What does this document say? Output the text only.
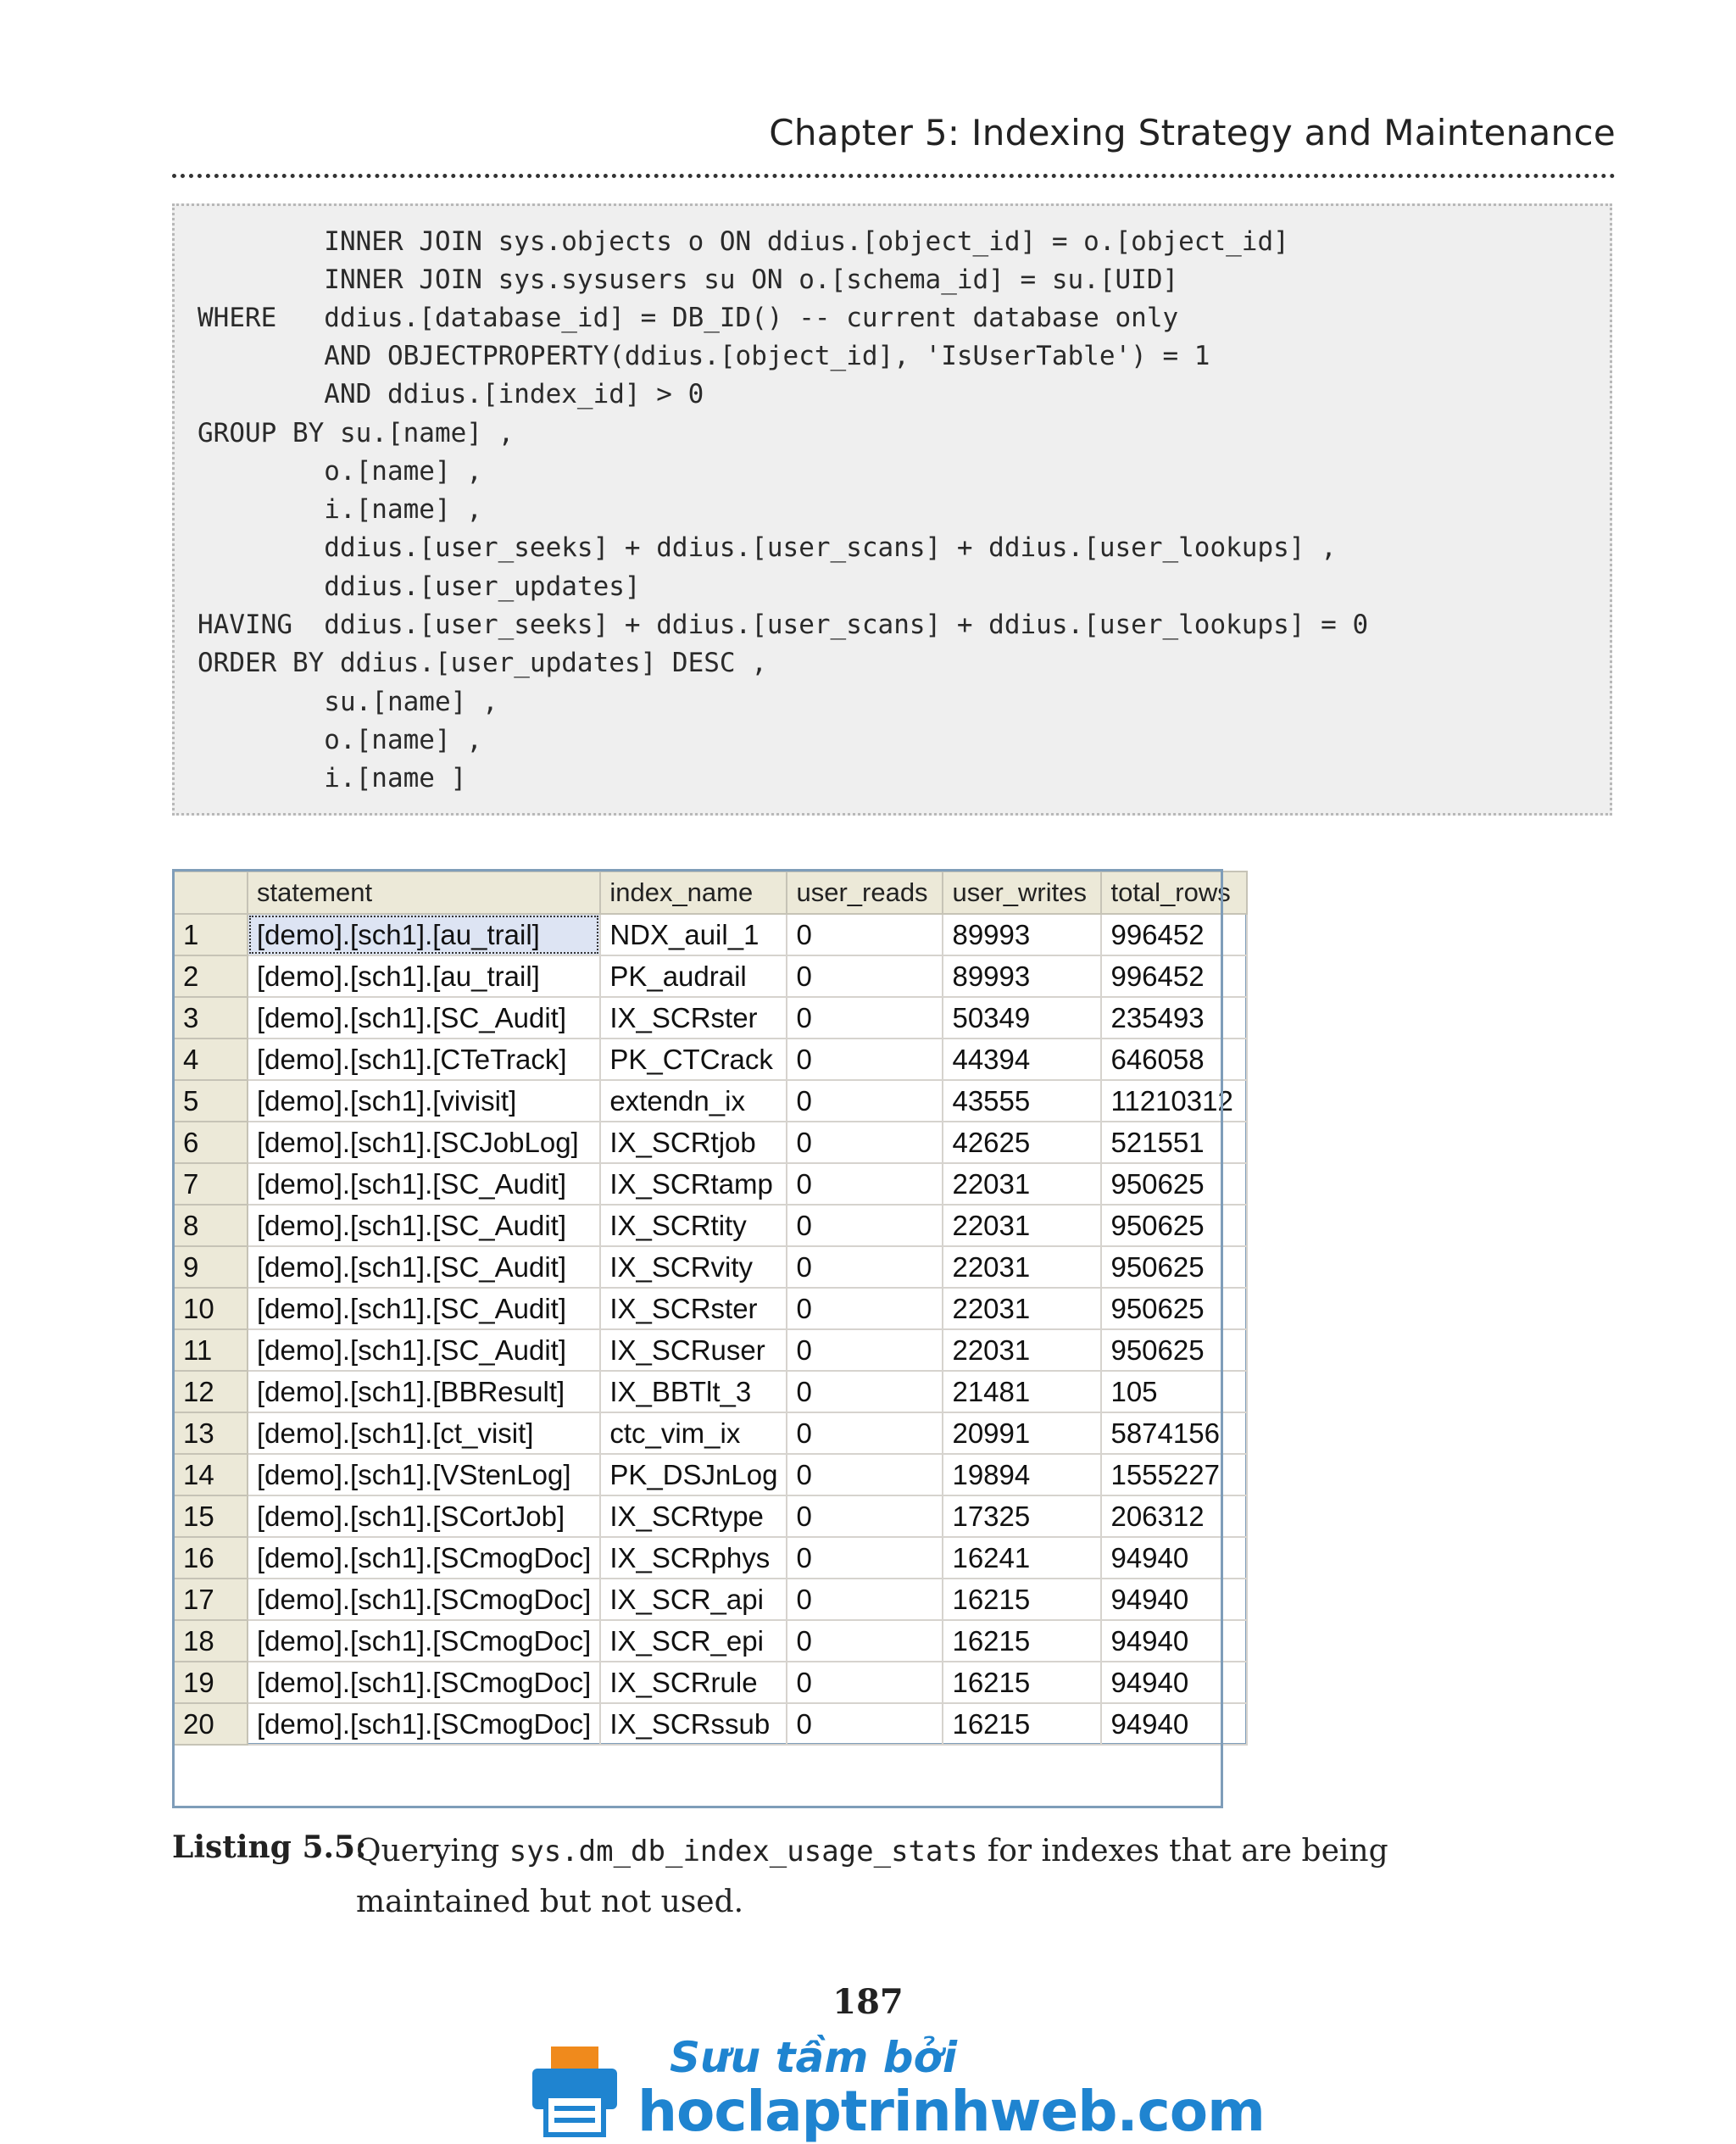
Chapter 5: Indexing Strategy and Maintenance
INNER JOIN sys.objects o ON ddius.[object_id] = o.[object_id]
INNER JOIN sys.sysusers su ON o.[schema_id] = su.[UID]
WHERE   ddius.[database_id] = DB_ID() -- current database only
AND OBJECTPROPERTY(ddius.[object_id], 'IsUserTable') = 1
AND ddius.[index_id] > 0
GROUP BY su.[name] ,
o.[name] ,
i.[name] ,
ddius.[user_seeks] + ddius.[user_scans] + ddius.[user_lookups] ,
ddius.[user_updates]
HAVING  ddius.[user_seeks] + ddius.[user_scans] + ddius.[user_lookups] = 0
ORDER BY ddius.[user_updates] DESC ,
su.[name] ,
o.[name] ,
i.[name ]
	statement	index_name	user_reads	user_writes	total_rows
1	[demo].[sch1].[au_trail]	NDX_auil_1	0	89993	996452
2	[demo].[sch1].[au_trail]	PK_audrail	0	89993	996452
3	[demo].[sch1].[SC_Audit]	IX_SCRster	0	50349	235493
4	[demo].[sch1].[CTeTrack]	PK_CTCrack	0	44394	646058
5	[demo].[sch1].[vivisit]	extendn_ix	0	43555	11210312
6	[demo].[sch1].[SCJobLog]	IX_SCRtjob	0	42625	521551
7	[demo].[sch1].[SC_Audit]	IX_SCRtamp	0	22031	950625
8	[demo].[sch1].[SC_Audit]	IX_SCRtity	0	22031	950625
9	[demo].[sch1].[SC_Audit]	IX_SCRvity	0	22031	950625
10	[demo].[sch1].[SC_Audit]	IX_SCRster	0	22031	950625
11	[demo].[sch1].[SC_Audit]	IX_SCRuser	0	22031	950625
12	[demo].[sch1].[BBResult]	IX_BBTlt_3	0	21481	105
13	[demo].[sch1].[ct_visit]	ctc_vim_ix	0	20991	5874156
14	[demo].[sch1].[VStenLog]	PK_DSJnLog	0	19894	1555227
15	[demo].[sch1].[SCortJob]	IX_SCRtype	0	17325	206312
16	[demo].[sch1].[SCmogDoc]	IX_SCRphys	0	16241	94940
17	[demo].[sch1].[SCmogDoc]	IX_SCR_api	0	16215	94940
18	[demo].[sch1].[SCmogDoc]	IX_SCR_epi	0	16215	94940
19	[demo].[sch1].[SCmogDoc]	IX_SCRrule	0	16215	94940
20	[demo].[sch1].[SCmogDoc]	IX_SCRssub	0	16215	94940
Listing 5.5:
Querying sys.dm_db_index_usage_stats for indexes that are being maintained but not used.
187
Sưu tầm bởi
hoclaptrinhweb.com
